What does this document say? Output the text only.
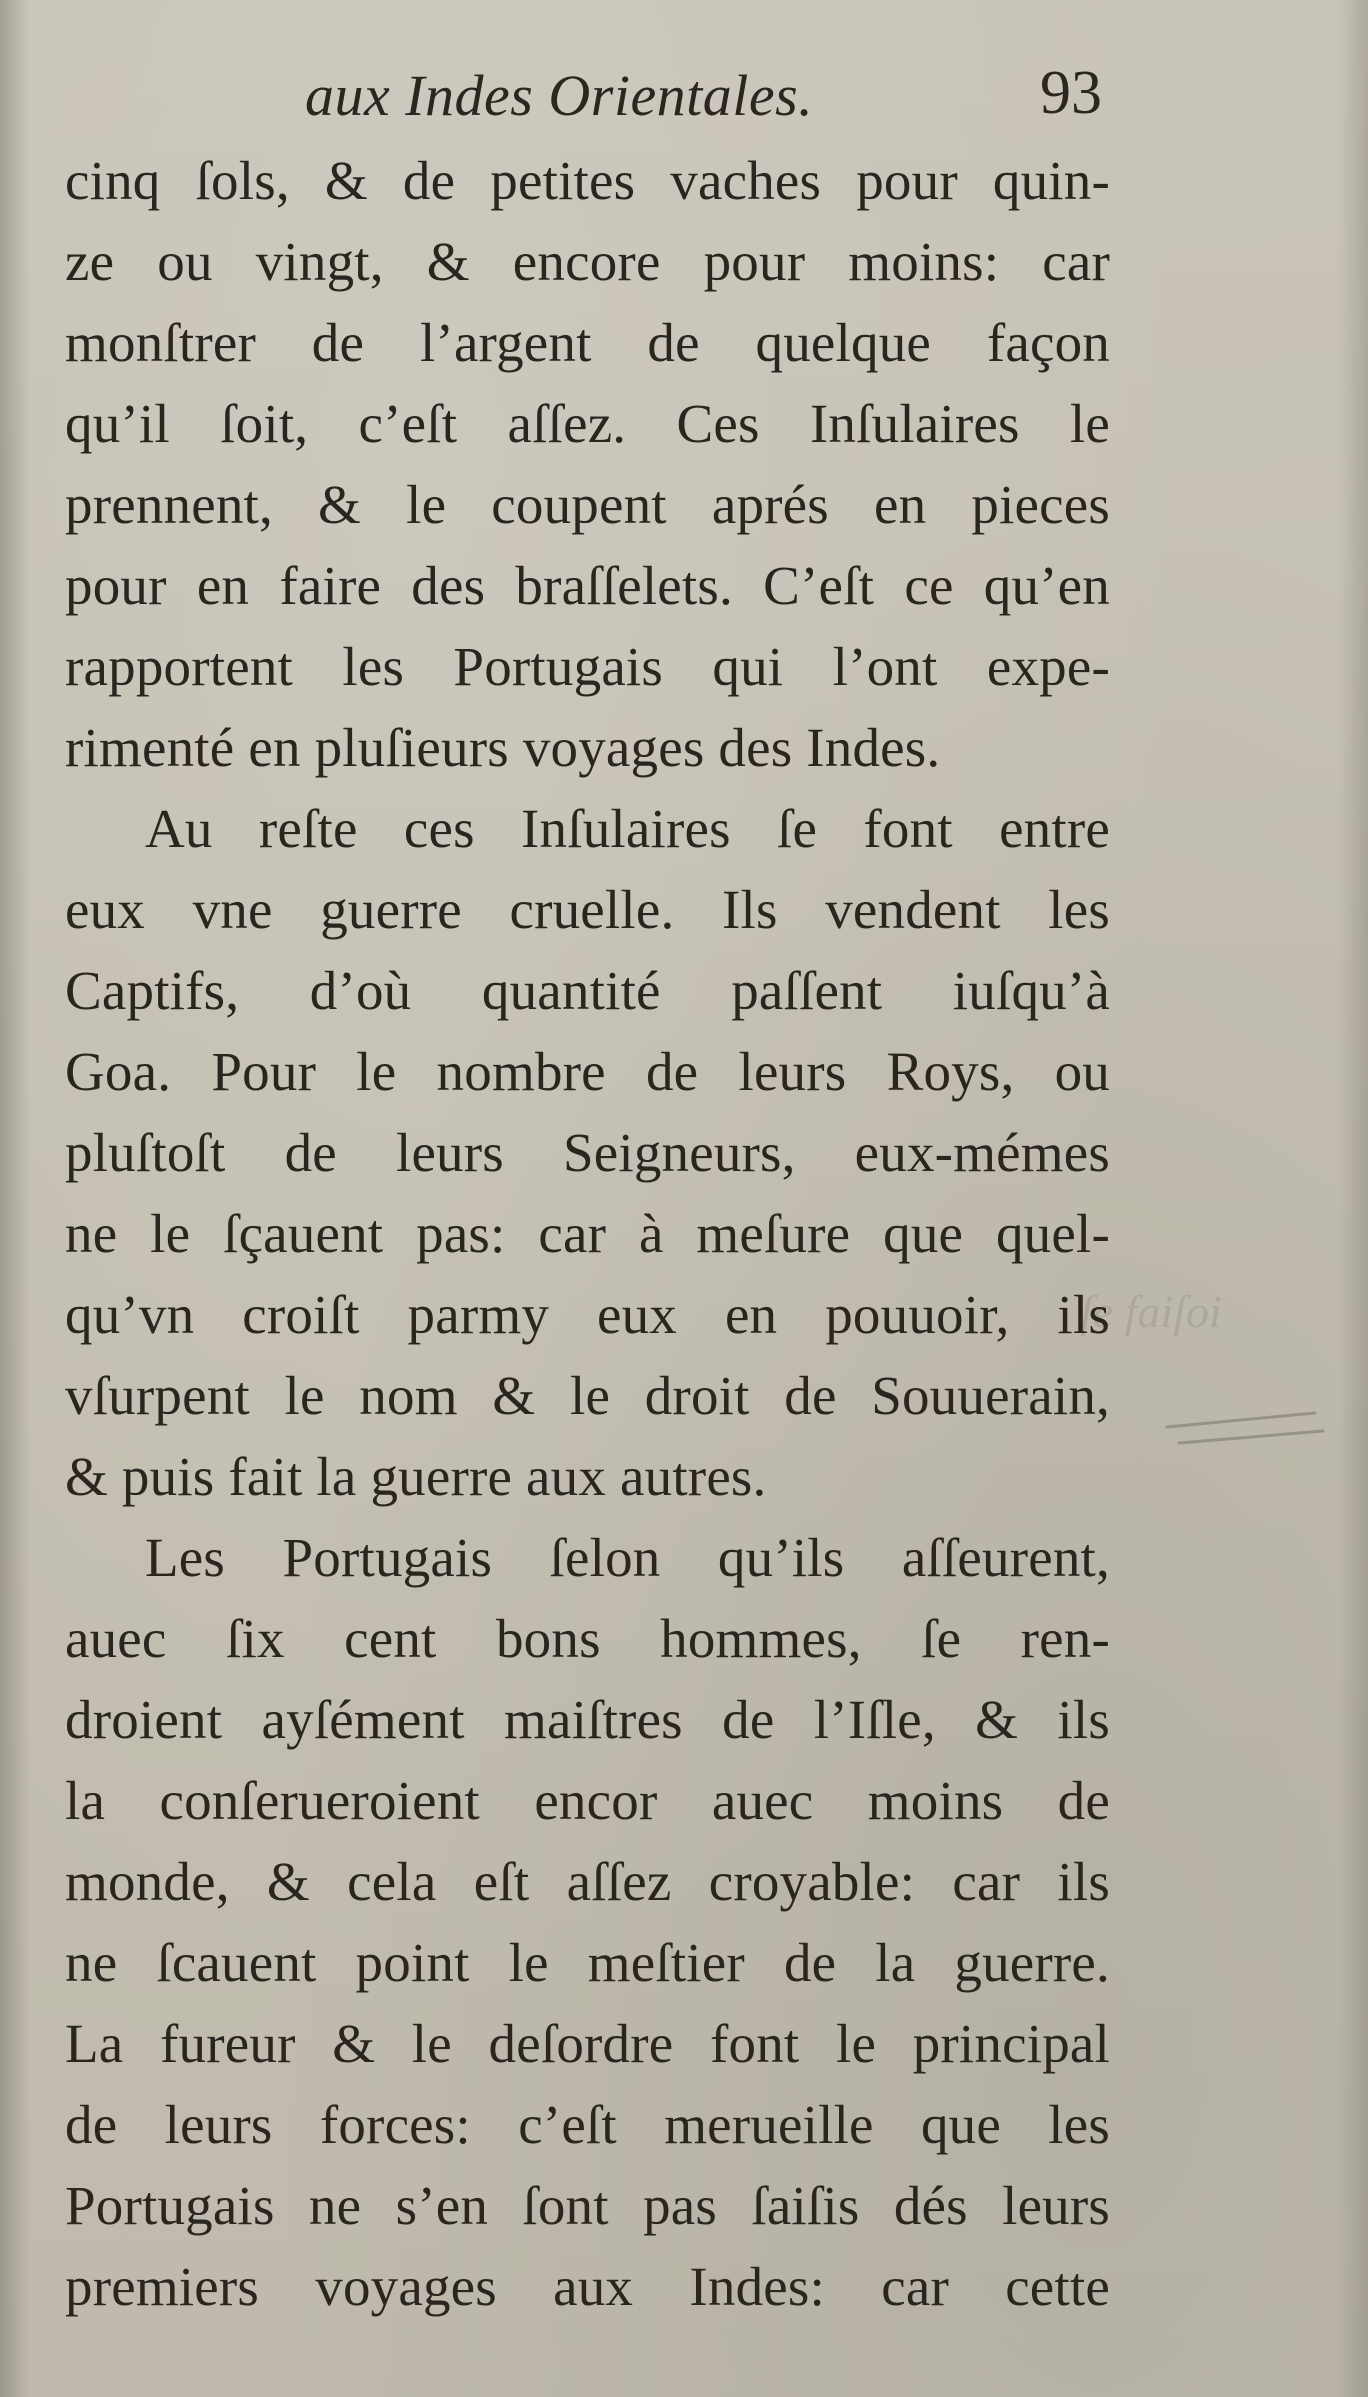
aux Indes Orientales.	93
ſe faiſoi
cinq ſols, & de petites vaches pour quin-
ze ou vingt, & encore pour moins: car
monſtrer de l’argent de quelque façon
qu’il ſoit, c’eſt aſſez. Ces Inſulaires le
prennent, & le coupent aprés en pieces
pour en faire des braſſelets. C’eſt ce qu’en
rapportent les Portugais qui l’ont expe-
rimenté en pluſieurs voyages des Indes.
Au reſte ces Inſulaires ſe font entre
eux vne guerre cruelle. Ils vendent les
Captifs, d’où quantité paſſent iuſqu’à
Goa. Pour le nombre de leurs Roys, ou
pluſtoſt de leurs Seigneurs, eux-mémes
ne le ſçauent pas: car à meſure que quel-
qu’vn croiſt parmy eux en pouuoir, ils
vſurpent le nom & le droit de Souuerain,
& puis fait la guerre aux autres.
Les Portugais ſelon qu’ils aſſeurent,
auec ſix cent bons hommes, ſe ren-
droient ayſément maiſtres de l’Iſle, & ils
la conſerueroient encor auec moins de
monde, & cela eſt aſſez croyable: car ils
ne ſcauent point le meſtier de la guerre.
La fureur & le deſordre font le principal
de leurs forces: c’eſt merueille que les
Portugais ne s’en ſont pas ſaiſis dés leurs
premiers voyages aux Indes: car cette
